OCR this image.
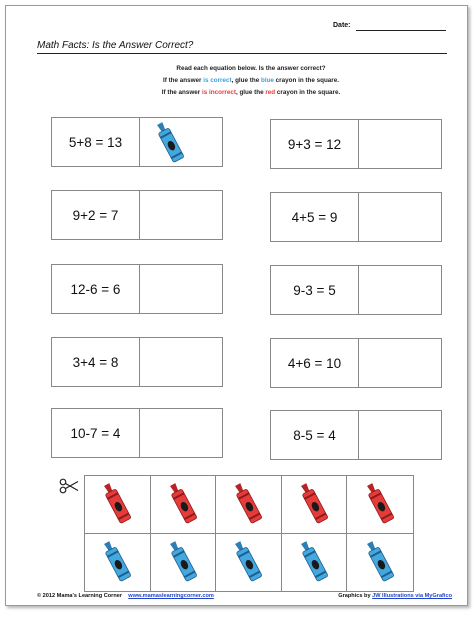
Date:
Math Facts: Is the Answer Correct?
Read each equation below. Is the answer correct?
If the answer is correct, glue the blue crayon in the square.
If the answer is incorrect, glue the red crayon in the square.
5+8 = 13
9+2 = 7
12-6 = 6
3+4 = 8
10-7 = 4
9+3 = 12
4+5 = 9
9-3 = 5
4+6 = 10
8-5 = 4
© 2012 Mama's Learning Corner www.mamaslearningcorner.com	Graphics by JW Illustrations via MyGrafico
